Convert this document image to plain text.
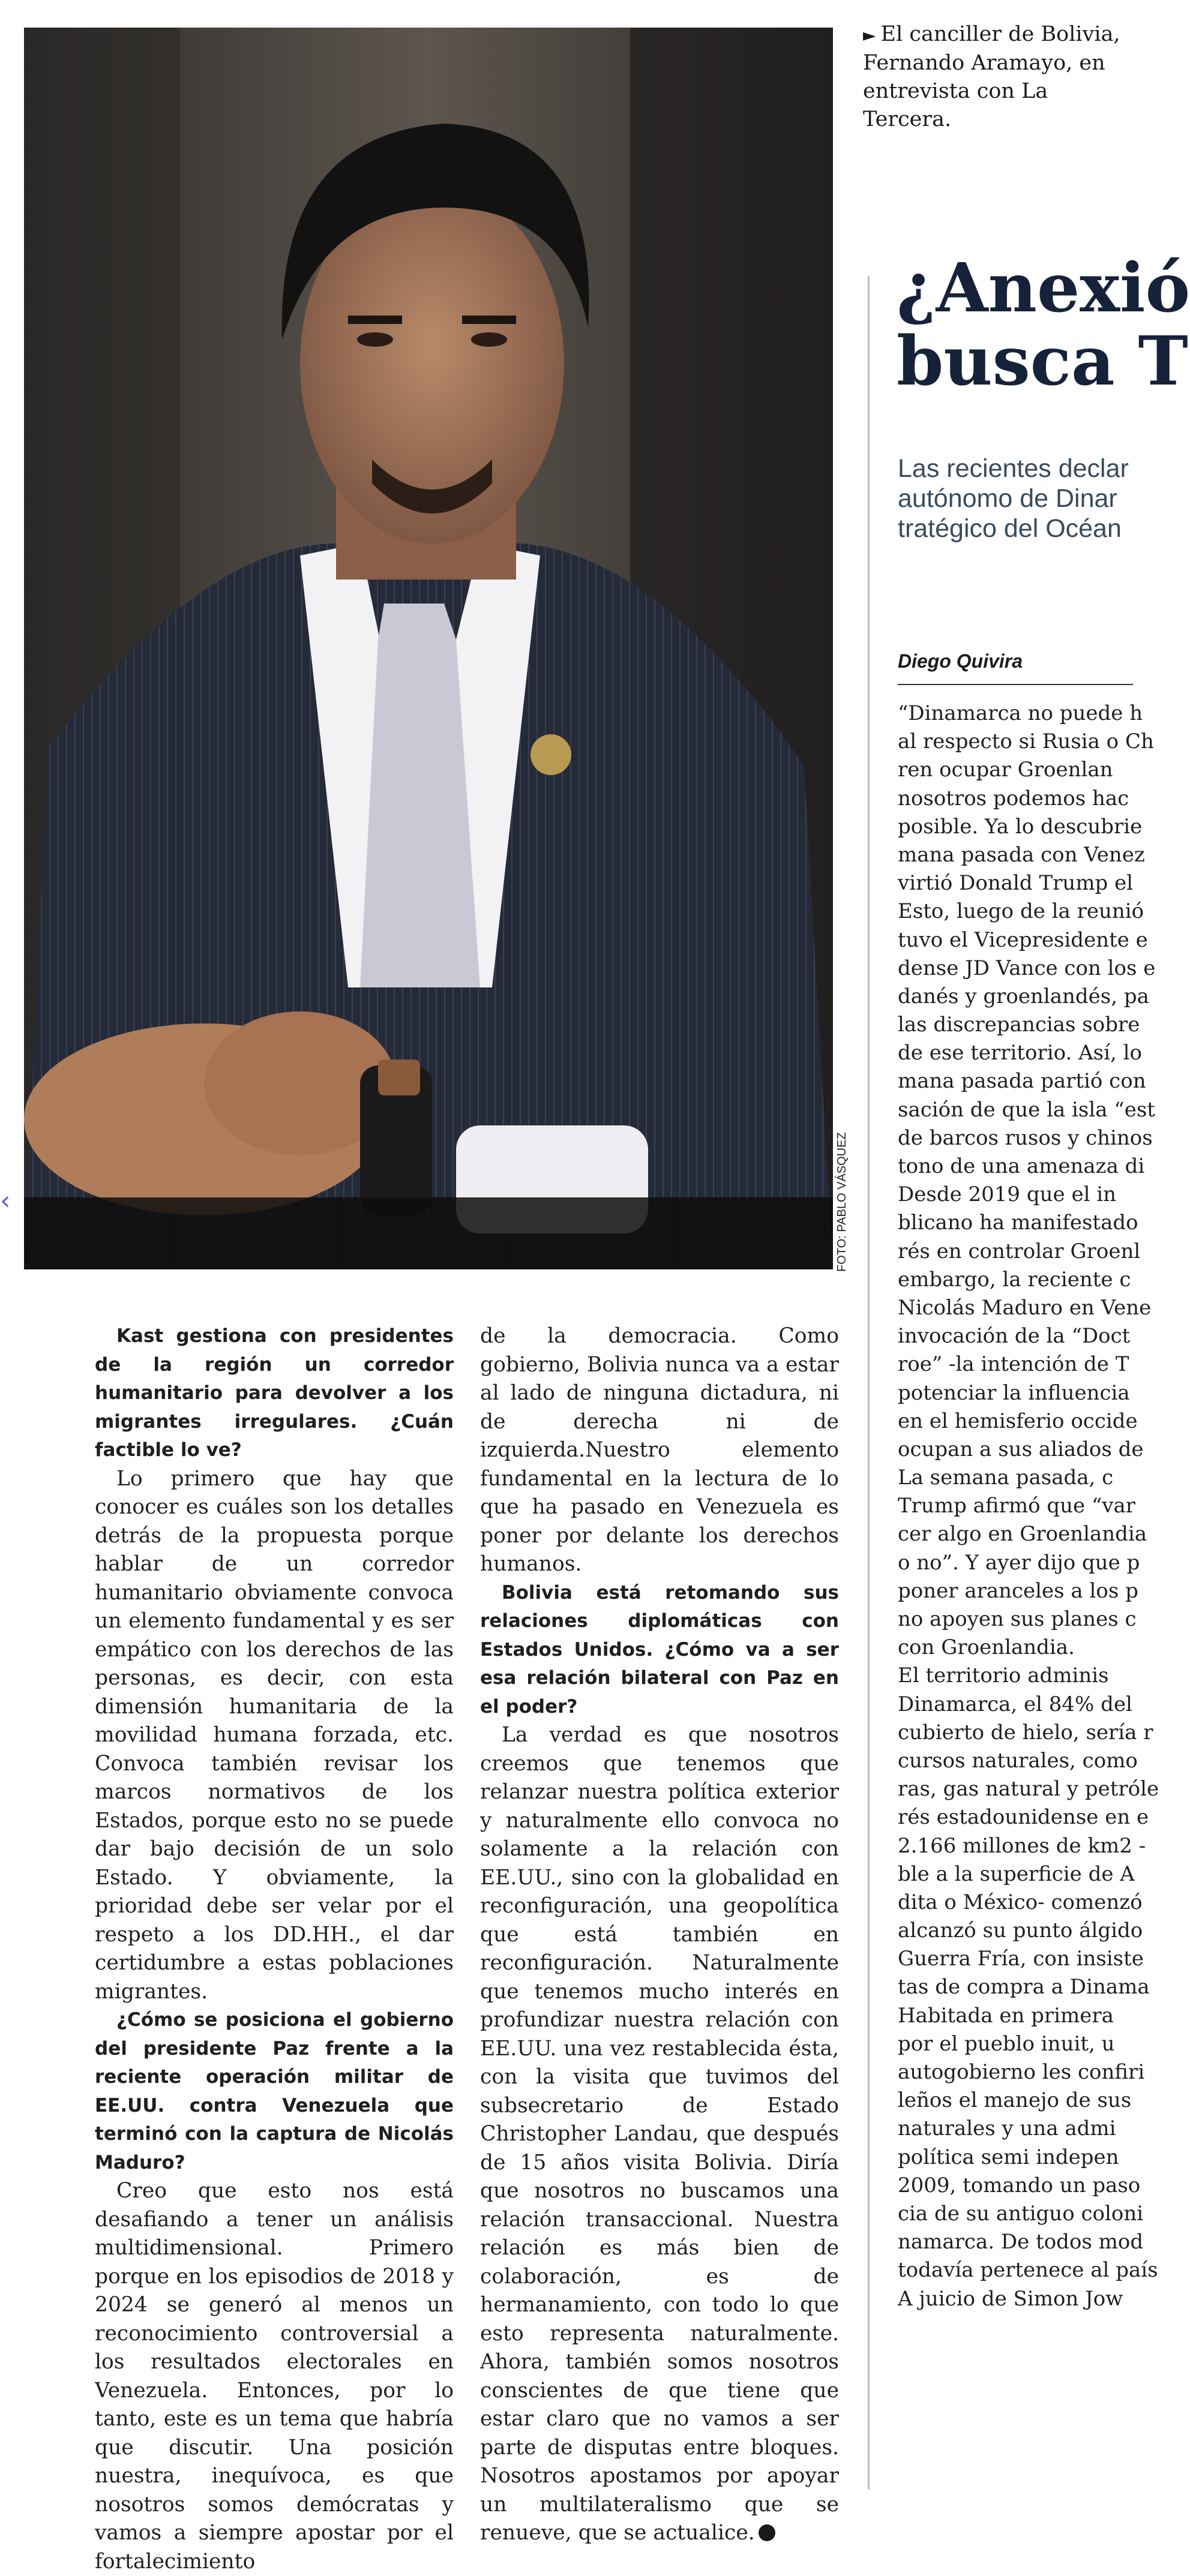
FOTO: PABLO VÁSQUEZ
‹
► El canciller de Bolivia, Fernando Aramayo, en entrevista con La Tercera.
¿Anexió
busca T
Las recientes declar
autónomo de Dinar
tratégico del Océan
Diego Quivira
“Dinamarca no puede h
al respecto si Rusia o Ch
ren ocupar Groenlan
nosotros podemos hac
posible. Ya lo descubrie
mana pasada con Venez
virtió Donald Trump el
Esto, luego de la reunió
tuvo el Vicepresidente e
dense JD Vance con los e
danés y groenlandés, pa
las discrepancias sobre
de ese territorio. Así, lo
mana pasada partió con
sación de que la isla “est
de barcos rusos y chinos
tono de una amenaza di
Desde 2019 que el in
blicano ha manifestado
rés en controlar Groenl
embargo, la reciente c
Nicolás Maduro en Vene
invocación de la “Doct
roe” -la intención de T
potenciar la influencia
en el hemisferio occide
ocupan a sus aliados de
La semana pasada, c
Trump afirmó que “var
cer algo en Groenlandia
o no”. Y ayer dijo que p
poner aranceles a los p
no apoyen sus planes c
con Groenlandia.
El territorio adminis
Dinamarca, el 84% del
cubierto de hielo, sería r
cursos naturales, como
ras, gas natural y petróle
rés estadounidense en e
2.166 millones de km2 -
ble a la superficie de A
dita o México- comenzó
alcanzó su punto álgido
Guerra Fría, con insiste
tas de compra a Dinama
Habitada en primera
por el pueblo inuit, u
autogobierno les confiri
leños el manejo de sus
naturales y una admi
política semi indepen
2009, tomando un paso
cia de su antiguo coloni
namarca. De todos mod
todavía pertenece al país
A juicio de Simon Jow

Kast gestiona con presidentes de la región un corredor humanitario para devolver a los migrantes irregulares. ¿Cuán factible lo ve?

Lo primero que hay que conocer es cuáles son los detalles detrás de la propuesta porque hablar de un corredor humanitario obviamente convoca un elemento fundamental y es ser empático con los derechos de las personas, es decir, con esta dimensión humanitaria de la movilidad humana forzada, etc. Convoca también revisar los marcos normativos de los Estados, porque esto no se puede dar bajo decisión de un solo Estado. Y obviamente, la prioridad debe ser velar por el respeto a los DD.HH., el dar certidumbre a estas poblaciones migrantes.

¿Cómo se posiciona el gobierno del presidente Paz frente a la reciente operación militar de EE.UU. contra Venezuela que terminó con la captura de Nicolás Maduro?

Creo que esto nos está desafiando a tener un análisis multidimensional. Primero porque en los episodios de 2018 y 2024 se generó al menos un reconocimiento controversial a los resultados electorales en Venezuela. Entonces, por lo tanto, este es un tema que habría que discutir. Una posición nuestra, inequívoca, es que nosotros somos demócratas y vamos a siempre apostar por el fortalecimiento

de la democracia. Como gobierno, Bolivia nunca va a estar al lado de ninguna dictadura, ni de derecha ni de izquierda.Nuestro elemento fundamental en la lectura de lo que ha pasado en Venezuela es poner por delante los derechos humanos.

Bolivia está retomando sus relaciones diplomáticas con Estados Unidos. ¿Cómo va a ser esa relación bilateral con Paz en el poder?

La verdad es que nosotros creemos que tenemos que relanzar nuestra política exterior y naturalmente ello convoca no solamente a la relación con EE.UU., sino con la globalidad en reconfiguración, una geopolítica que está también en reconfiguración. Naturalmente que tenemos mucho interés en profundizar nuestra relación con EE.UU. una vez restablecida ésta, con la visita que tuvimos del subsecretario de Estado Christopher Landau, que después de 15 años visita Bolivia. Diría que nosotros no buscamos una relación transaccional. Nuestra relación es más bien de colaboración, es de hermanamiento, con todo lo que esto representa naturalmente. Ahora, también somos nosotros conscientes de que tiene que estar claro que no vamos a ser parte de disputas entre bloques. Nosotros apostamos por apoyar un multilateralismo que se renueve, que se actualice.
